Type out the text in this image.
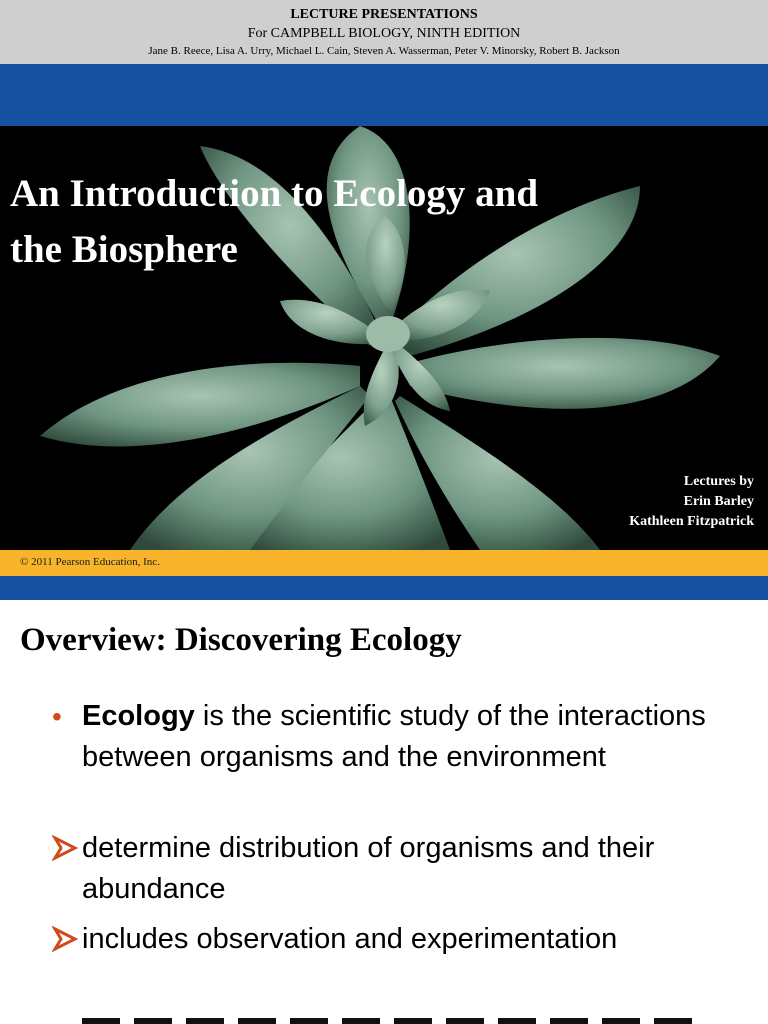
LECTURE PRESENTATIONS
For CAMPBELL BIOLOGY, NINTH EDITION
Jane B. Reece, Lisa A. Urry, Michael L. Cain, Steven A. Wasserman, Peter V. Minorsky, Robert B. Jackson
An Introduction to Ecology and
the Biosphere
Lectures by
Erin Barley
Kathleen Fitzpatrick
© 2011 Pearson Education, Inc.
Overview: Discovering Ecology
• Ecology is the scientific study of the interactions between organisms and the environment
determine distribution of organisms and their abundance
includes observation and experimentation
